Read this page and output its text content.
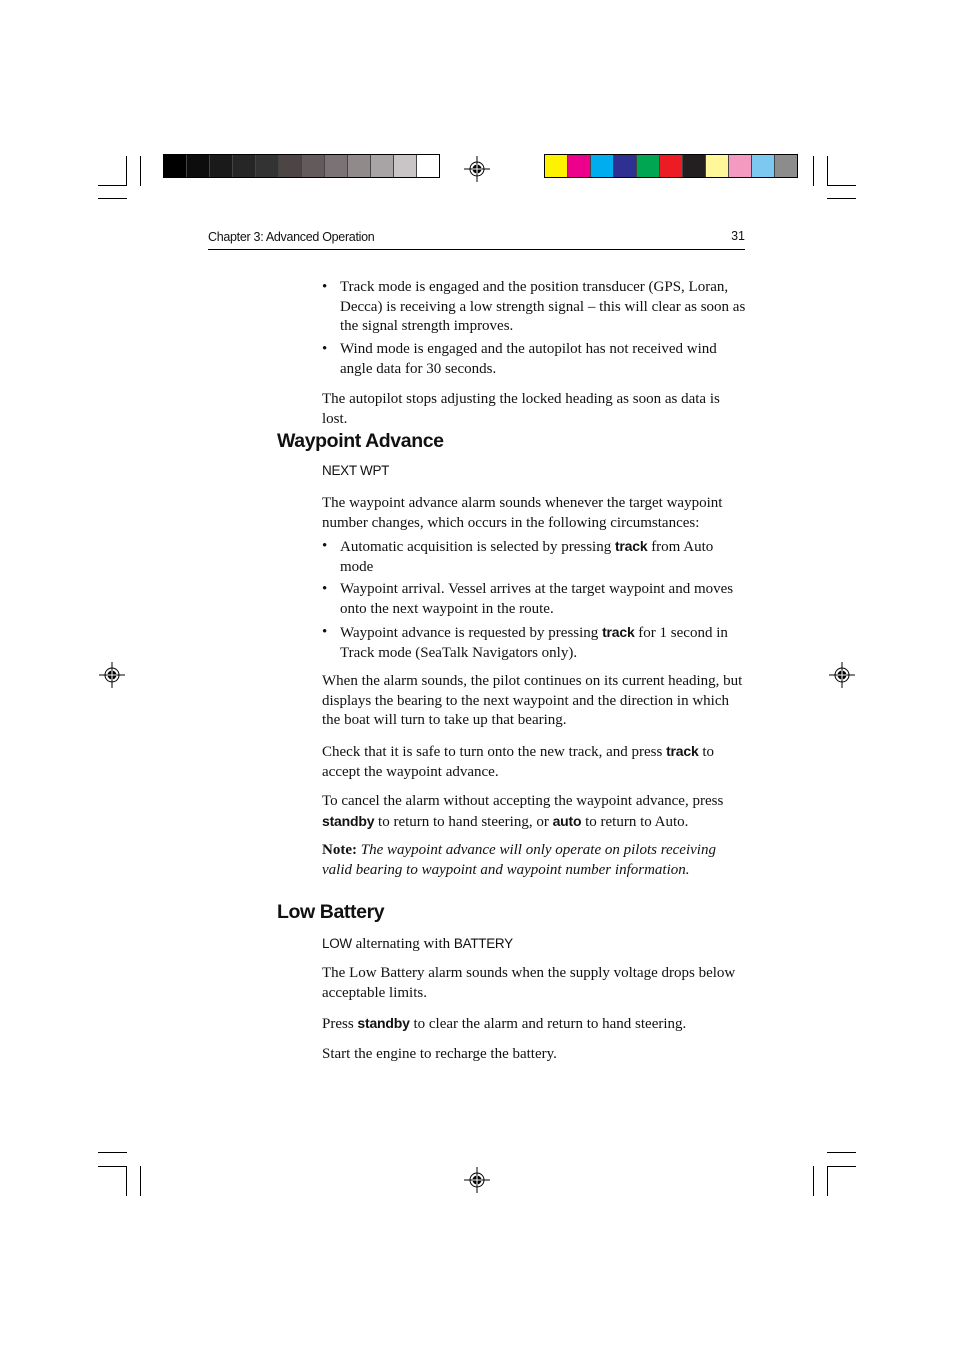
Chapter 3: Advanced Operation	31
• Track mode is engaged and the position transducer (GPS, Loran, Decca) is receiving a low strength signal – this will clear as soon as the signal strength improves.
• Wind mode is engaged and the autopilot has not received wind angle data for 30 seconds.

The autopilot stops adjusting the locked heading as soon as data is lost.

Waypoint Advance
NEXT WPT

The waypoint advance alarm sounds whenever the target waypoint number changes, which occurs in the following circumstances:

• Automatic acquisition is selected by pressing track from Auto mode
• Waypoint arrival. Vessel arrives at the target waypoint and moves onto the next waypoint in the route.
• Waypoint advance is requested by pressing track for 1 second in Track mode (SeaTalk Navigators only).

When the alarm sounds, the pilot continues on its current heading, but displays the bearing to the next waypoint and the direction in which the boat will turn to take up that bearing.

Check that it is safe to turn onto the new track, and press track to accept the waypoint advance.

To cancel the alarm without accepting the waypoint advance, press standby to return to hand steering, or auto to return to Auto.

Note: The waypoint advance will only operate on pilots receiving valid bearing to waypoint and waypoint number information.

Low Battery
LOW alternating with BATTERY

The Low Battery alarm sounds when the supply voltage drops below acceptable limits.

Press standby to clear the alarm and return to hand steering.

Start the engine to recharge the battery.
